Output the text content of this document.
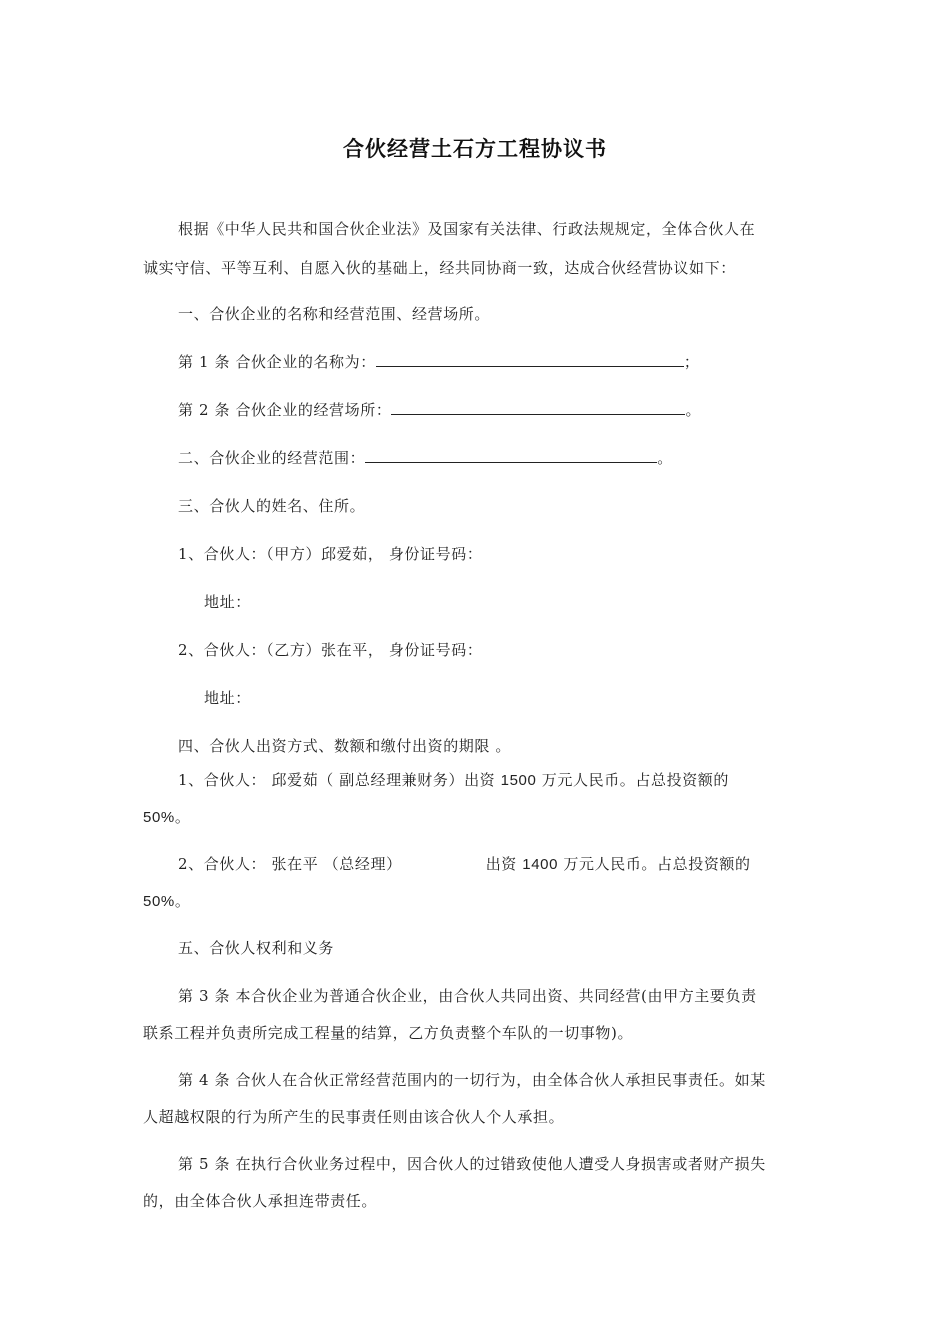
合伙经营土石方工程协议书
根据《中华人民共和国合伙企业法》及国家有关法律、行政法规规定，全体合伙人在
诚实守信、平等互利、自愿入伙的基础上，经共同协商一致，达成合伙经营协议如下：
一、合伙企业的名称和经营范围、经营场所。
第 1 条 合伙企业的名称为：	；
第 2 条 合伙企业的经营场所：	。
二、合伙企业的经营范围：	。
三、合伙人的姓名、住所。
1、合伙人：（甲方）邱爱茹， 身份证号码：
地址：
2、合伙人：（乙方）张在平， 身份证号码：
地址：
四、合伙人出资方式、数额和缴付出资的期限 。
1、合伙人： 邱爱茹（ 副总经理兼财务）出资 1500 万元人民币。占总投资额的
50%。
2、合伙人： 张在平 （总经理）	出资 1400 万元人民币。占总投资额的
50%。
五、合伙人权利和义务
第 3 条 本合伙企业为普通合伙企业，由合伙人共同出资、共同经营(由甲方主要负责
联系工程并负责所完成工程量的结算，乙方负责整个车队的一切事物)。
第 4 条 合伙人在合伙正常经营范围内的一切行为，由全体合伙人承担民事责任。如某
人超越权限的行为所产生的民事责任则由该合伙人个人承担。
第 5 条 在执行合伙业务过程中，因合伙人的过错致使他人遭受人身损害或者财产损失
的，由全体合伙人承担连带责任。
